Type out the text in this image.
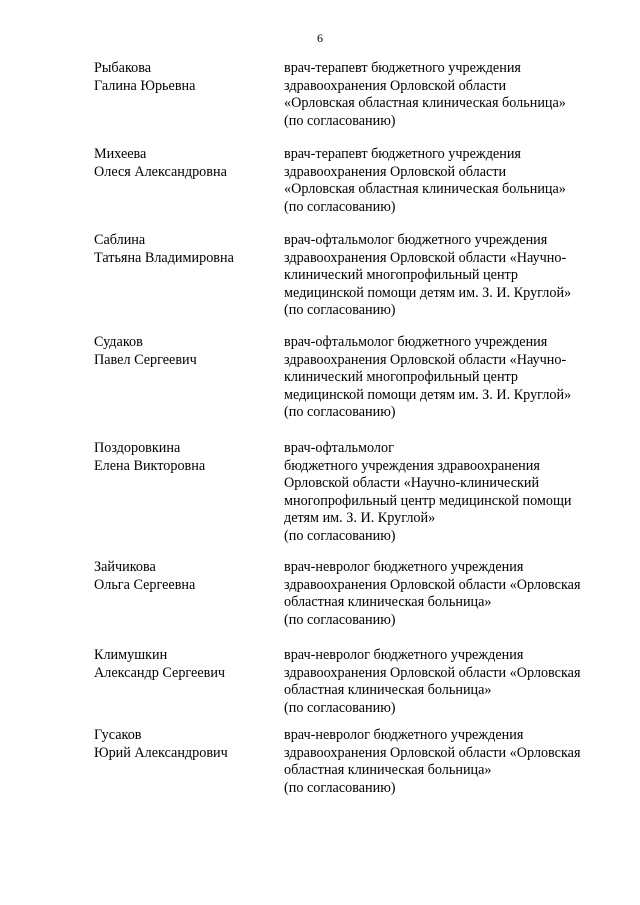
6
Рыбакова
Галина Юрьевна
врач-терапевт бюджетного учреждения
здравоохранения Орловской области
«Орловская областная клиническая больница»
(по согласованию)
Михеева
Олеся Александровна
врач-терапевт бюджетного учреждения
здравоохранения Орловской области
«Орловская областная клиническая больница»
(по согласованию)
Саблина
Татьяна Владимировна
врач-офтальмолог бюджетного учреждения
здравоохранения Орловской области «Научно-
клинический многопрофильный центр
медицинской помощи детям им. З. И. Круглой»
(по согласованию)
Судаков
Павел Сергеевич
врач-офтальмолог бюджетного учреждения
здравоохранения Орловской области «Научно-
клинический многопрофильный центр
медицинской помощи детям им. З. И. Круглой»
(по согласованию)
Поздоровкина
Елена Викторовна
врач-офтальмолог
бюджетного учреждения здравоохранения
Орловской области «Научно-клинический
многопрофильный центр медицинской помощи
детям им. З. И. Круглой»
(по согласованию)
Зайчикова
Ольга Сергеевна
врач-невролог бюджетного учреждения
здравоохранения Орловской области «Орловская
областная клиническая больница»
(по согласованию)
Климушкин
Александр Сергеевич
врач-невролог бюджетного учреждения
здравоохранения Орловской области «Орловская
областная клиническая больница»
(по согласованию)
Гусаков
Юрий Александрович
врач-невролог бюджетного учреждения
здравоохранения Орловской области «Орловская
областная клиническая больница»
(по согласованию)
